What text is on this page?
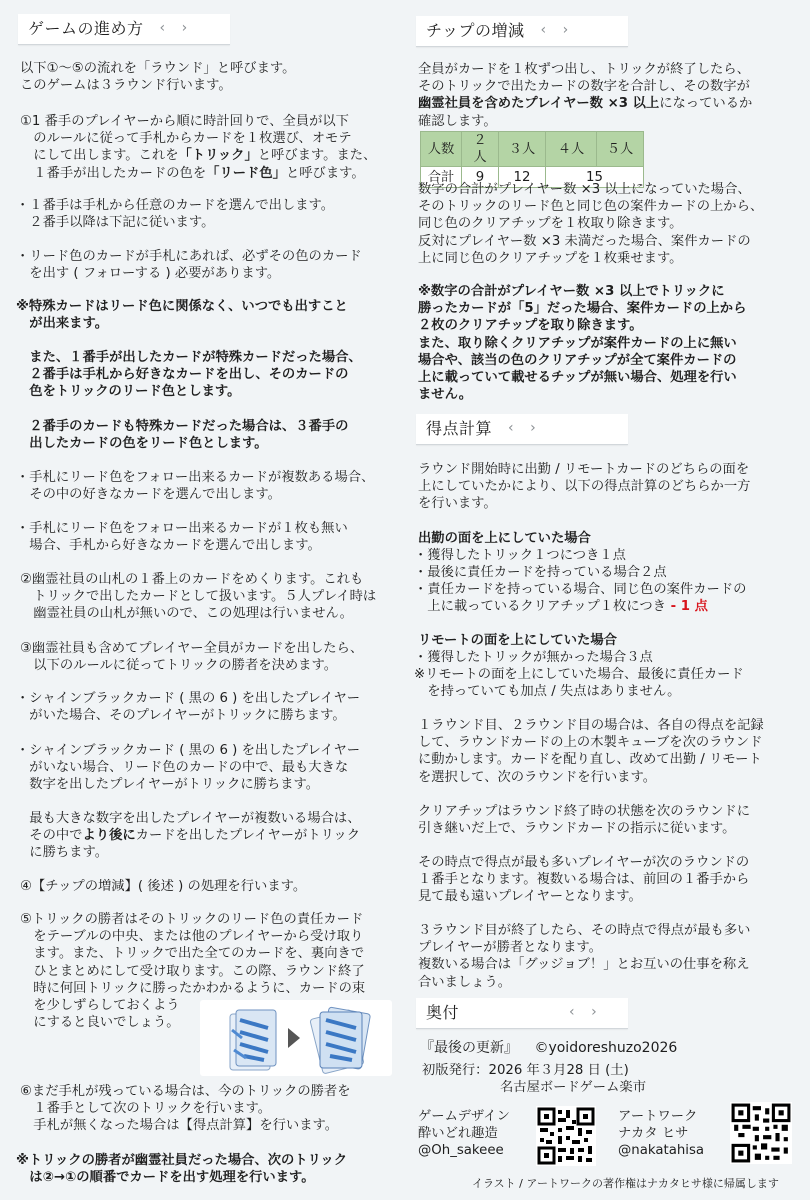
ゲームの進め方 ‹ ›

以下①～⑤の流れを「ラウンド」と呼びます。
このゲームは３ラウンド行います。

①1 番手のプレイヤーから順に時計回りで、全員が以下
　のルールに従って手札からカードを１枚選び、オモテ
　にして出します。これを「トリック」と呼びます。また、
　１番手が出したカードの色を「リード色」と呼びます。

・１番手は手札から任意のカードを選んで出します。
　２番手以降は下記に従います。

・リード色のカードが手札にあれば、必ずその色のカード
　を出す ( フォローする ) 必要があります。

※特殊カードはリード色に関係なく、いつでも出すこと
　が出来ます。

　また、１番手が出したカードが特殊カードだった場合、
　２番手は手札から好きなカードを出し、そのカードの
　色をトリックのリード色とします。

　２番手のカードも特殊カードだった場合は、３番手の
　出したカードの色をリード色とします。

・手札にリード色をフォロー出来るカードが複数ある場合、
　その中の好きなカードを選んで出します。

・手札にリード色をフォロー出来るカードが１枚も無い
　場合、手札から好きなカードを選んで出します。

②幽霊社員の山札の１番上のカードをめくります。これも
　トリックで出したカードとして扱います。５人プレイ時は
　幽霊社員の山札が無いので、この処理は行いません。

③幽霊社員も含めてプレイヤー全員がカードを出したら、
　以下のルールに従ってトリックの勝者を決めます。

・シャインブラックカード ( 黒の 6 ) を出したプレイヤー
　がいた場合、そのプレイヤーがトリックに勝ちます。

・シャインブラックカード ( 黒の 6 ) を出したプレイヤー
　がいない場合、リード色のカードの中で、最も大きな
　数字を出したプレイヤーがトリックに勝ちます。

　最も大きな数字を出したプレイヤーが複数いる場合は、
　その中でより後にカードを出したプレイヤーがトリック
　に勝ちます。

④【チップの増減】( 後述 ) の処理を行います。

⑤トリックの勝者はそのトリックのリード色の責任カード
　をテーブルの中央、または他のプレイヤーから受け取り
　ます。また、トリックで出た全てのカードを、裏向きで
　ひとまとめにして受け取ります。この際、ラウンド終了
　時に何回トリックに勝ったかわかるように、カードの束
　を少しずらしておくよう
　にすると良いでしょう。

⑥まだ手札が残っている場合は、今のトリックの勝者を
　１番手として次のトリックを行います。
　手札が無くなった場合は【得点計算】を行います。

※トリックの勝者が幽霊社員だった場合、次のトリック
　は②→①の順番でカードを出す処理を行います。

チップの増減 ‹ ›

全員がカードを１枚ずつ出し、トリックが終了したら、
そのトリックで出たカードの数字を合計し、その数字が
幽霊社員を含めたプレイヤー数 ×3 以上になっているか
確認します。

人数	２人	３人	４人	５人
合計	9	12	15	

数字の合計がプレイヤー数 ×3 以上になっていた場合、
そのトリックのリード色と同じ色の案件カードの上から、
同じ色のクリアチップを１枚取り除きます。
反対にプレイヤー数 ×3 未満だった場合、案件カードの
上に同じ色のクリアチップを１枚乗せます。

※数字の合計がプレイヤー数 ×3 以上でトリックに
勝ったカードが「5」だった場合、案件カードの上から
２枚のクリアチップを取り除きます。
また、取り除くクリアチップが案件カードの上に無い
場合や、該当の色のクリアチップが全て案件カードの
上に載っていて載せるチップが無い場合、処理を行い
ません。

得点計算 ‹ ›

ラウンド開始時に出勤 / リモートカードのどちらの面を
上にしていたかにより、以下の得点計算のどちらか一方
を行います。

出勤の面を上にしていた場合

・獲得したトリック１つにつき１点

・最後に責任カードを持っている場合２点

・責任カードを持っている場合、同じ色の案件カードの
　上に載っているクリアチップ１枚につき - 1 点

リモートの面を上にしていた場合

・獲得したトリックが無かった場合３点

※リモートの面を上にしていた場合、最後に責任カード
　を持っていても加点 / 失点はありません。

１ラウンド目、２ラウンド目の場合は、各自の得点を記録
して、ラウンドカードの上の木製キューブを次のラウンド
に動かします。カードを配り直し、改めて出勤 / リモート
を選択して、次のラウンドを行います。

クリアチップはラウンド終了時の状態を次のラウンドに
引き継いだ上で、ラウンドカードの指示に従います。

その時点で得点が最も多いプレイヤーが次のラウンドの
１番手となります。複数いる場合は、前回の１番手から
見て最も遠いプレイヤーとなります。

３ラウンド目が終了したら、その時点で得点が最も多い
プレイヤーが勝者となります。
複数いる場合は「グッジョブ！」とお互いの仕事を称え
合いましょう。

奥付	‹ ›
『最後の更新』 ©yoidoreshuzo2026

初版発行：2026 年３月28 日 (土)

名古屋ボードゲーム楽市

ゲームデザイン
酔いどれ趣造
@Oh_sakeee
アートワーク
ナカタ ヒサ
@nakatahisa

イラスト / アートワークの著作権はナカタヒサ様に帰属します
